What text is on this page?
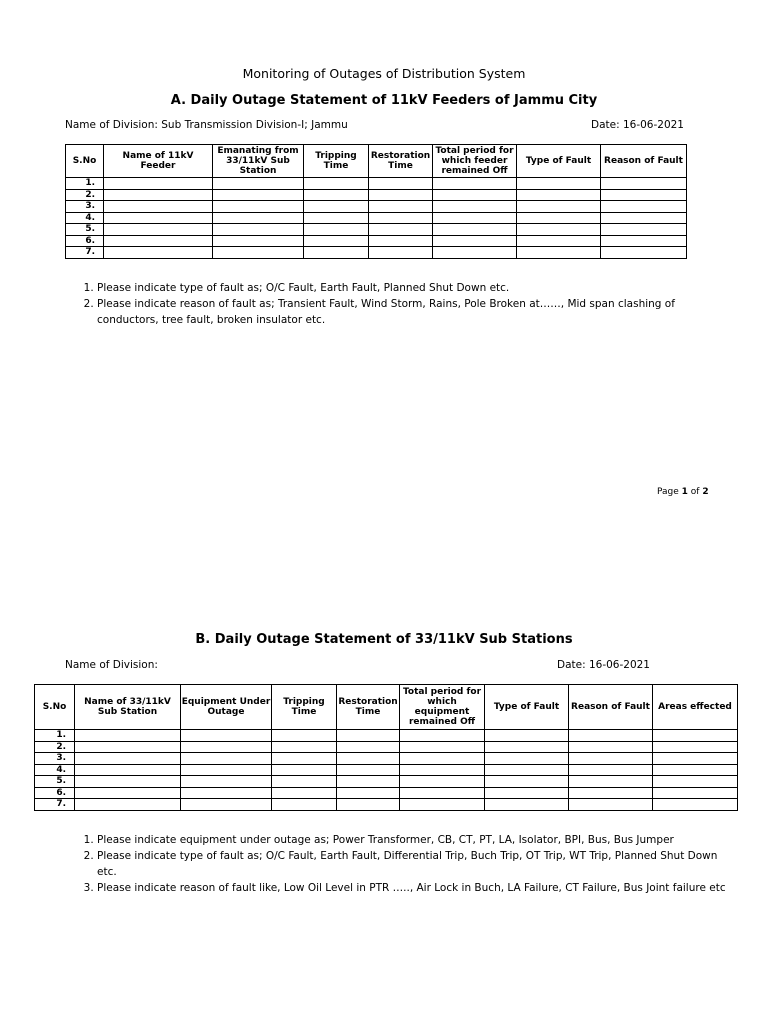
Monitoring of Outages of Distribution System
A. Daily Outage Statement of 11kV Feeders of Jammu City
Name of Division: Sub Transmission Division-I; Jammu	Date: 16-06-2021
S.No	Name of 11kV Feeder	Emanating from 33/11kV Sub Station	Tripping Time	Restoration Time	Total period for which feeder remained Off	Type of Fault	Reason of Fault
1.							
2.							
3.							
4.							
5.							
6.							
7.							
1. Please indicate type of fault as; O/C Fault, Earth Fault, Planned Shut Down etc.
2. Please indicate reason of fault as; Transient Fault, Wind Storm, Rains, Pole Broken at……, Mid span clashing of conductors, tree fault, broken insulator etc.
Page 1 of 2
B. Daily Outage Statement of 33/11kV Sub Stations
Name of Division:	Date: 16-06-2021
S.No	Name of 33/11kV Sub Station	Equipment Under Outage	Tripping Time	Restoration Time	Total period for which equipment remained Off	Type of Fault	Reason of Fault	Areas effected
1.								
2.								
3.								
4.								
5.								
6.								
7.								
1. Please indicate equipment under outage as; Power Transformer, CB, CT, PT, LA, Isolator, BPI, Bus, Bus Jumper
2. Please indicate type of fault as; O/C Fault, Earth Fault, Differential Trip, Buch Trip, OT Trip, WT Trip, Planned Shut Down etc.
3. Please indicate reason of fault like, Low Oil Level in PTR ….., Air Lock in Buch, LA Failure, CT Failure, Bus Joint failure etc
